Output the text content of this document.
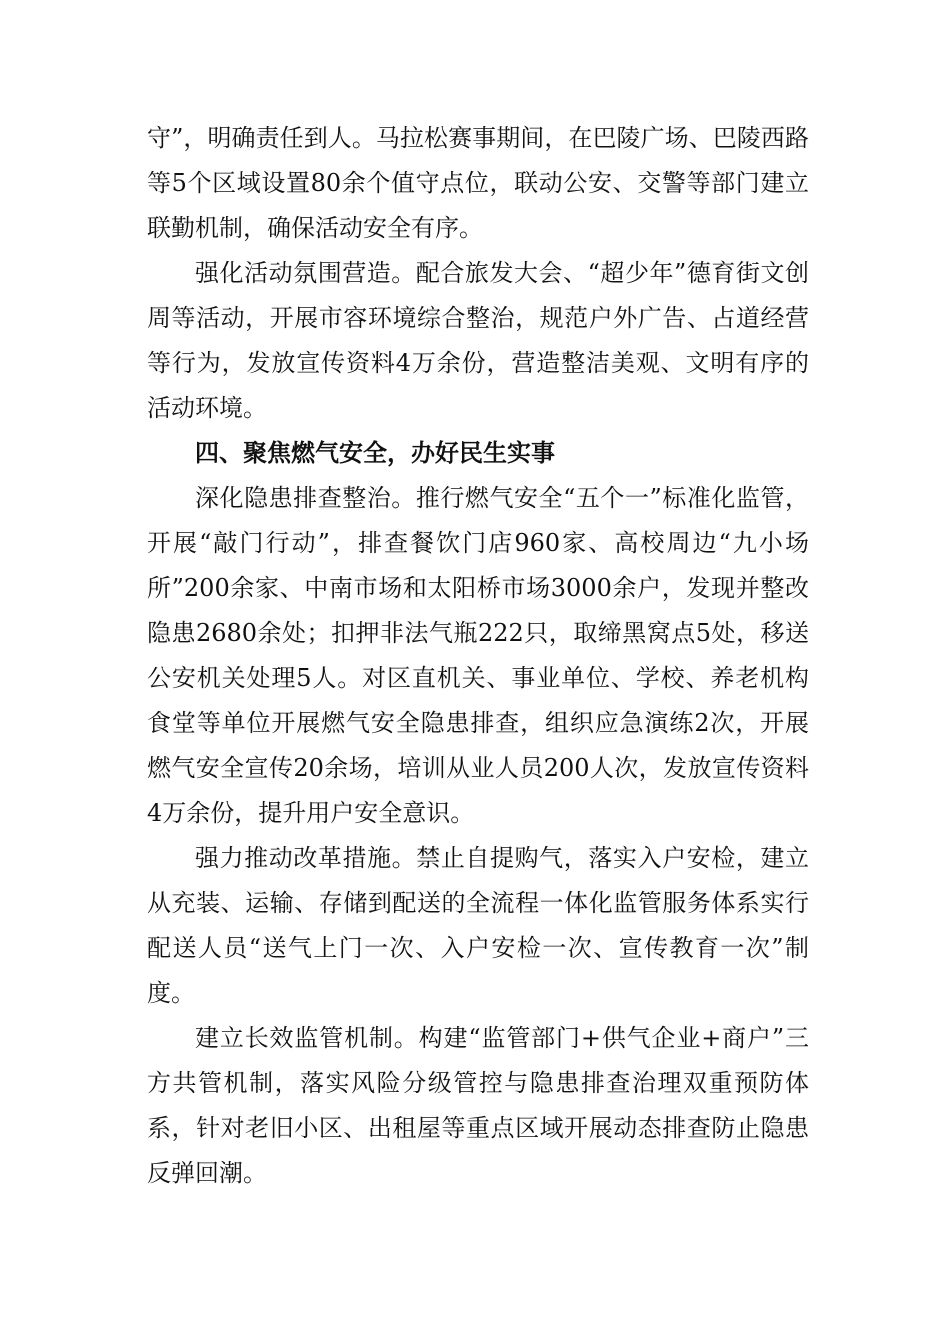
守”，明确责任到人。马拉松赛事期间，在巴陵广场、巴陵西路等5个区域设置80余个值守点位，联动公安、交警等部门建立联勤机制，确保活动安全有序。

强化活动氛围营造。配合旅发大会、“超少年”德育街文创周等活动，开展市容环境综合整治，规范户外广告、占道经营等行为，发放宣传资料4万余份，营造整洁美观、文明有序的活动环境。

四、聚焦燃气安全，办好民生实事

深化隐患排查整治。推行燃气安全“五个一”标准化监管，开展“敲门行动”，排查餐饮门店960家、高校周边“九小场所”200余家、中南市场和太阳桥市场3000余户，发现并整改隐患2680余处；扣押非法气瓶222只，取缔黑窝点5处，移送公安机关处理5人。对区直机关、事业单位、学校、养老机构食堂等单位开展燃气安全隐患排查，组织应急演练2次，开展燃气安全宣传20余场，培训从业人员200人次，发放宣传资料4万余份，提升用户安全意识。

强力推动改革措施。禁止自提购气，落实入户安检，建立从充装、运输、存储到配送的全流程一体化监管服务体系实行配送人员“送气上门一次、入户安检一次、宣传教育一次”制度。

建立长效监管机制。构建“监管部门+供气企业+商户”三方共管机制，落实风险分级管控与隐患排查治理双重预防体系，针对老旧小区、出租屋等重点区域开展动态排查防止隐患反弹回潮。
